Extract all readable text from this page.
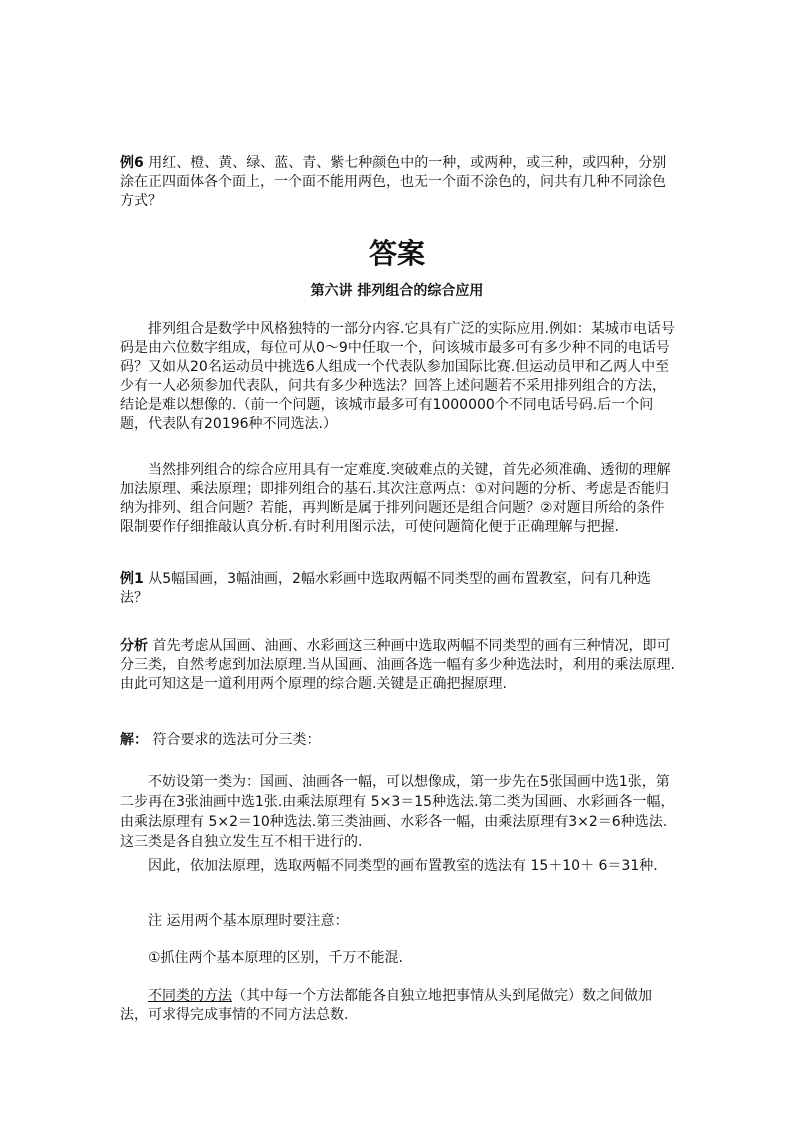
例6 用红、橙、黄、绿、蓝、青、紫七种颜色中的一种，或两种，或三种，或四种，分别涂在正四面体各个面上，一个面不能用两色，也无一个面不涂色的，问共有几种不同涂色方式？

答案
第六讲 排列组合的综合应用

排列组合是数学中风格独特的一部分内容.它具有广泛的实际应用.例如：某城市电话号码是由六位数字组成，每位可从0～9中任取一个，问该城市最多可有多少种不同的电话号码？又如从20名运动员中挑选6人组成一个代表队参加国际比赛.但运动员甲和乙两人中至少有一人必须参加代表队，问共有多少种选法？回答上述问题若不采用排列组合的方法，结论是难以想像的.（前一个问题，该城市最多可有1000000个不同电话号码.后一个问题，代表队有20196种不同选法.）

当然排列组合的综合应用具有一定难度.突破难点的关键，首先必须准确、透彻的理解加法原理、乘法原理；即排列组合的基石.其次注意两点：①对问题的分析、考虑是否能归纳为排列、组合问题？若能，再判断是属于排列问题还是组合问题？②对题目所给的条件限制要作仔细推敲认真分析.有时利用图示法，可使问题简化便于正确理解与把握.

例1 从5幅国画，3幅油画，2幅水彩画中选取两幅不同类型的画布置教室，问有几种选法？

分析 首先考虑从国画、油画、水彩画这三种画中选取两幅不同类型的画有三种情况，即可分三类，自然考虑到加法原理.当从国画、油画各选一幅有多少种选法时，利用的乘法原理.由此可知这是一道利用两个原理的综合题.关键是正确把握原理.

解： 符合要求的选法可分三类：

不妨设第一类为：国画、油画各一幅，可以想像成，第一步先在5张国画中选1张，第二步再在3张油画中选1张.由乘法原理有 5×3＝15种选法.第二类为国画、水彩画各一幅，由乘法原理有 5×2＝10种选法.第三类油画、水彩各一幅，由乘法原理有3×2＝6种选法.这三类是各自独立发生互不相干进行的.

因此，依加法原理，选取两幅不同类型的画布置教室的选法有 15＋10＋ 6＝31种.

注 运用两个基本原理时要注意：

①抓住两个基本原理的区别，千万不能混.

不同类的方法（其中每一个方法都能各自独立地把事情从头到尾做完）数之间做加法，可求得完成事情的不同方法总数.
